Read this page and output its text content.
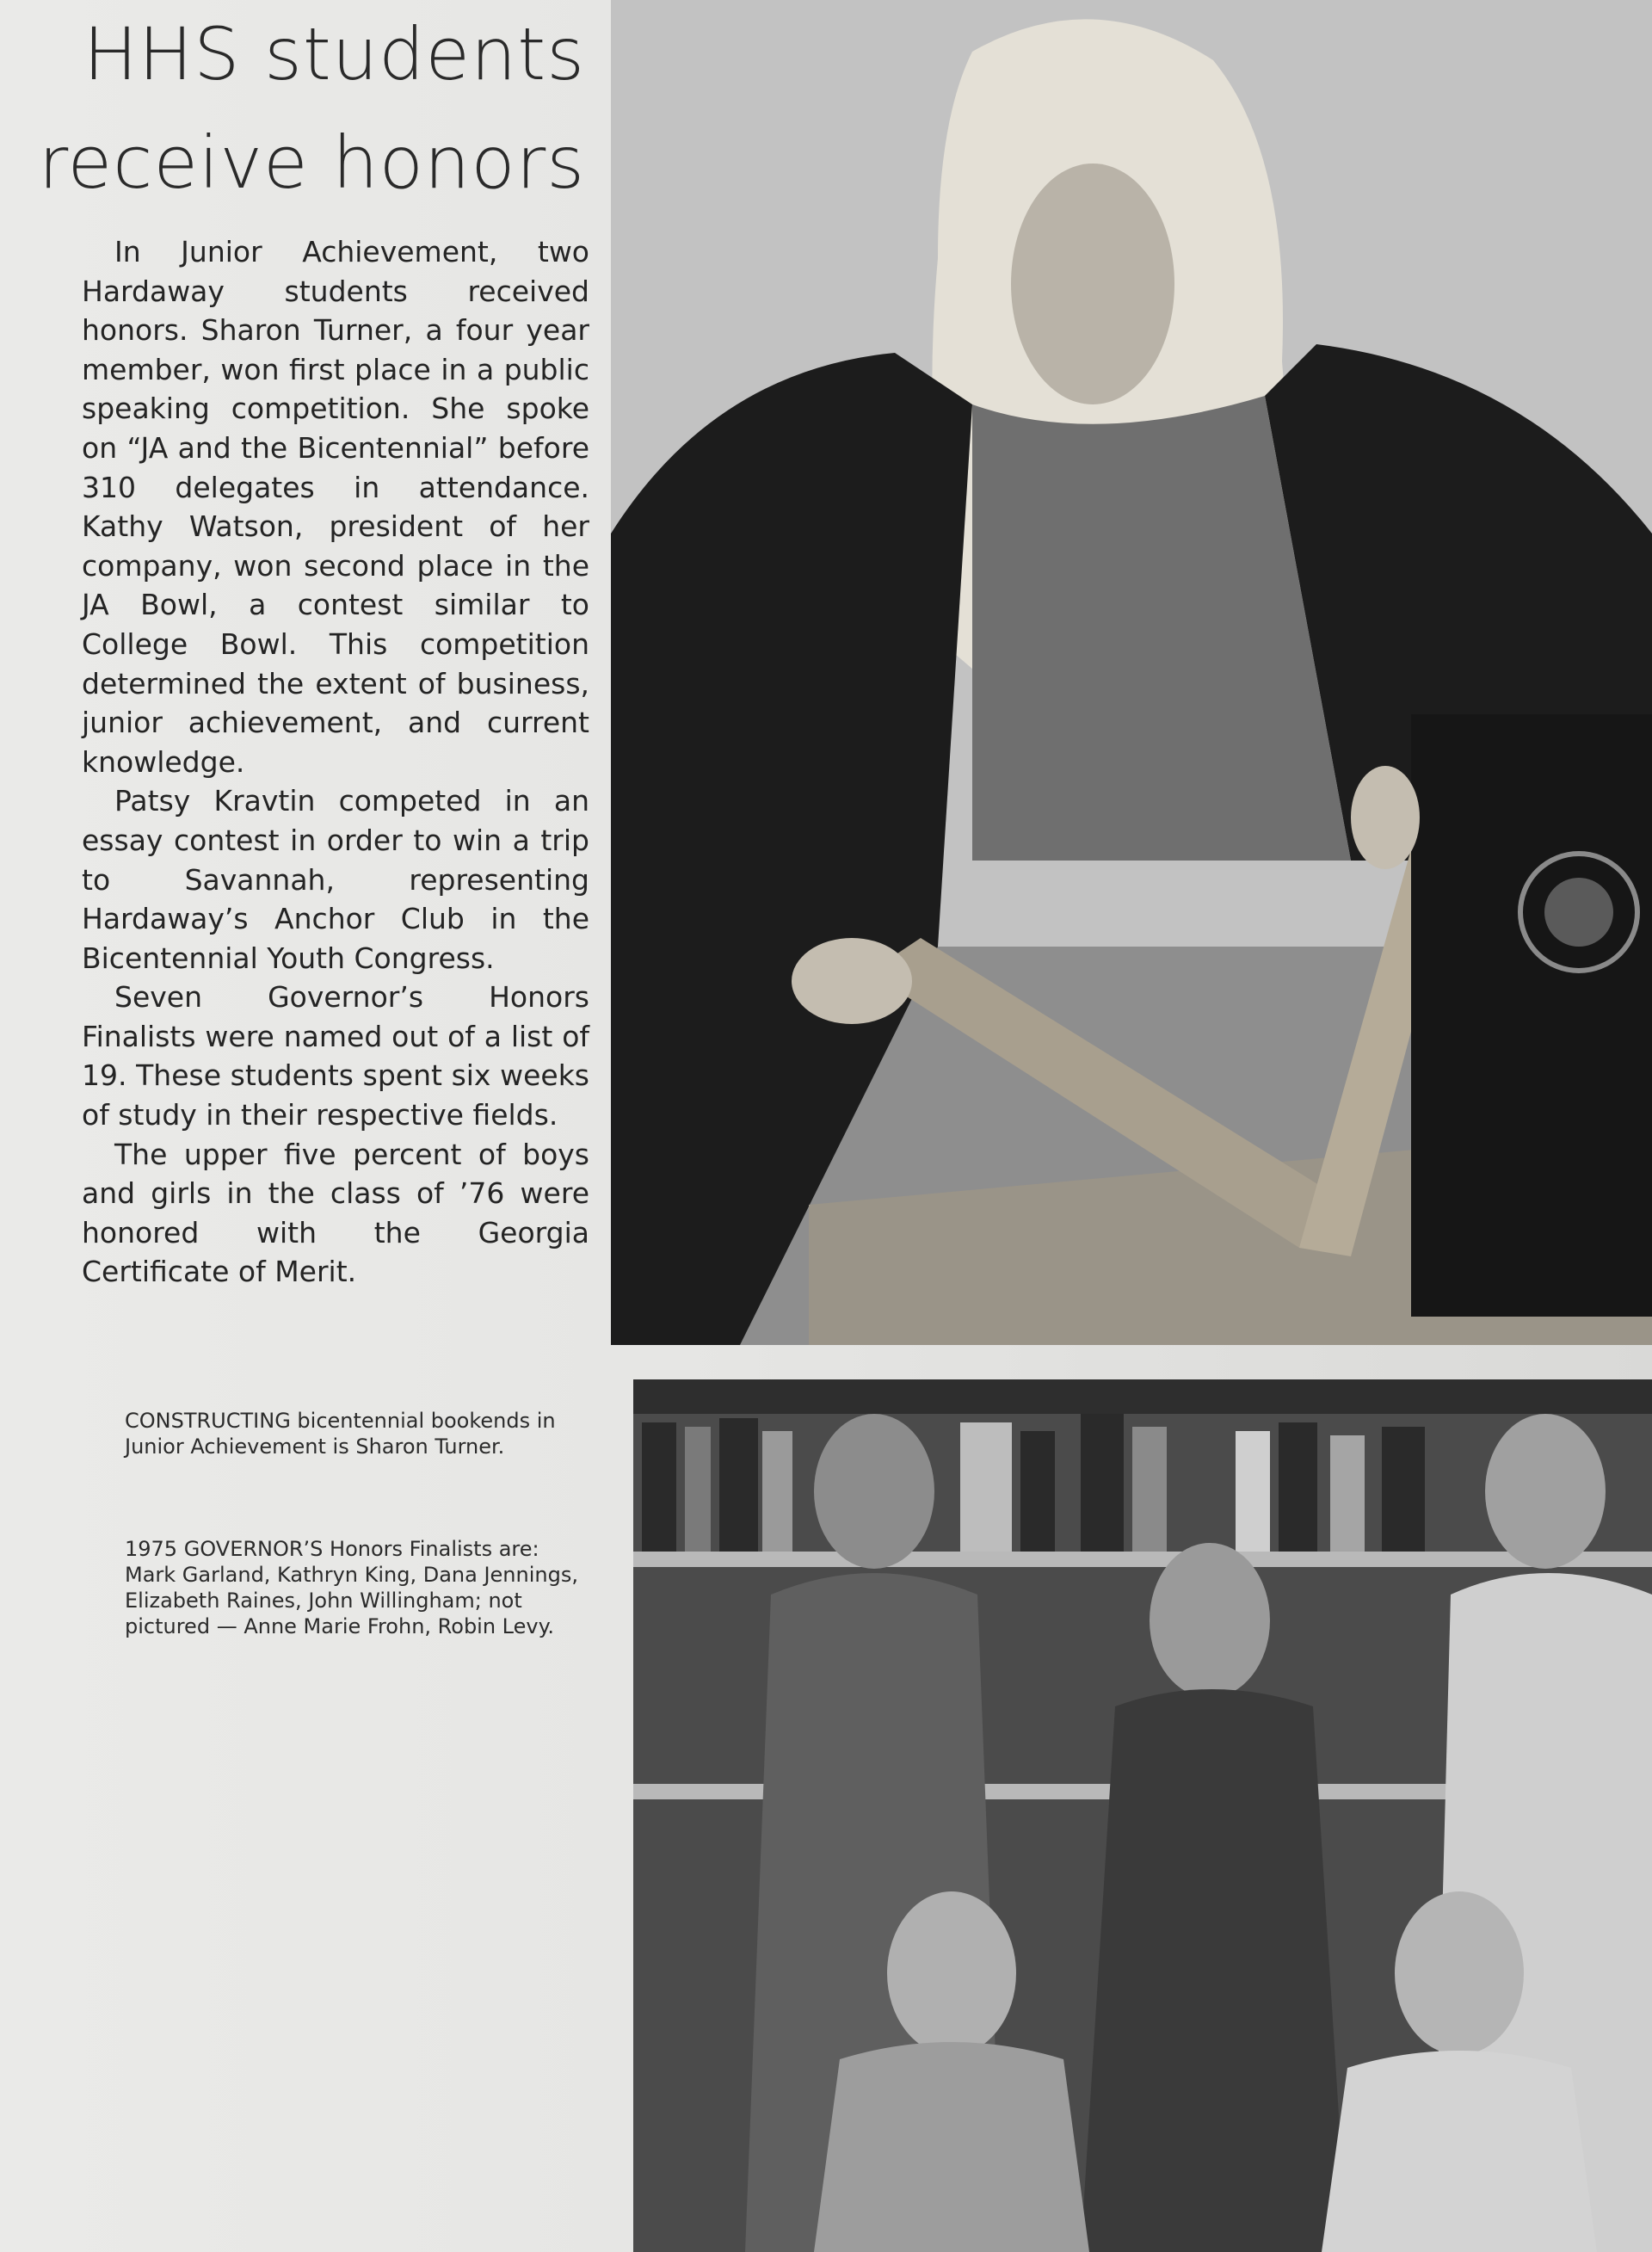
HHS students
receive honors

In Junior Achievement, two Hardaway students received honors. Sharon Turner, a four year member, won first place in a public speaking competition. She spoke on “JA and the Bicentennial” before 310 delegates in attendance. Kathy Watson, president of her company, won second place in the JA Bowl, a contest similar to College Bowl. This competition determined the extent of business, junior achievement, and current knowledge.

Patsy Kravtin competed in an essay contest in order to win a trip to Savannah, representing Hardaway’s Anchor Club in the Bicentennial Youth Congress.

Seven Governor’s Honors Finalists were named out of a list of 19. These students spent six weeks of study in their respective fields.

The upper five percent of boys and girls in the class of ’76 were honored with the Georgia Certificate of Merit.

CONSTRUCTING bicentennial bookends in Junior Achievement is Sharon Turner.

1975 GOVERNOR’S Honors Finalists are: Mark Garland, Kathryn King, Dana Jennings, Elizabeth Raines, John Willingham; not pictured — Anne Marie Frohn, Robin Levy.
